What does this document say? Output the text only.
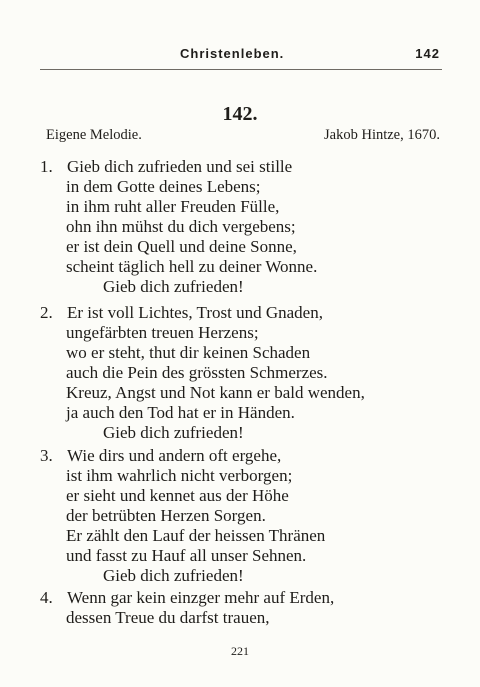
Christenleben.	142
142.
Eigene Melodie.	Jakob Hintze, 1670.
1. Gieb dich zufrieden und sei stille
in dem Gotte deines Lebens;
in ihm ruht aller Freuden Fülle,
ohn ihn mühst du dich vergebens;
er ist dein Quell und deine Sonne,
scheint täglich hell zu deiner Wonne.
Gieb dich zufrieden!
2. Er ist voll Lichtes, Trost und Gnaden,
ungefärbten treuen Herzens;
wo er steht, thut dir keinen Schaden
auch die Pein des grössten Schmerzes.
Kreuz, Angst und Not kann er bald wenden,
ja auch den Tod hat er in Händen.
Gieb dich zufrieden!
3. Wie dirs und andern oft ergehe,
ist ihm wahrlich nicht verborgen;
er sieht und kennet aus der Höhe
der betrübten Herzen Sorgen.
Er zählt den Lauf der heissen Thränen
und fasst zu Hauf all unser Sehnen.
Gieb dich zufrieden!
4. Wenn gar kein einzger mehr auf Erden,
dessen Treue du darfst trauen,
221
